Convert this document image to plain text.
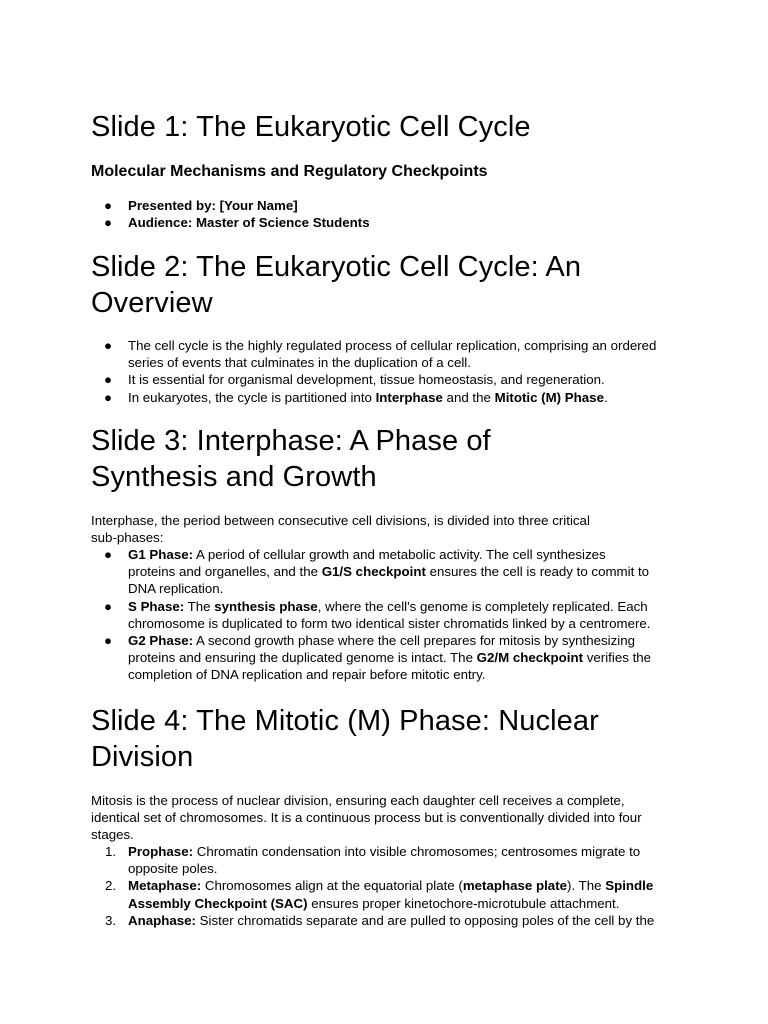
Slide 1: The Eukaryotic Cell Cycle
Molecular Mechanisms and Regulatory Checkpoints
● Presented by: [Your Name]
● Audience: Master of Science Students
Slide 2: The Eukaryotic Cell Cycle: An
Overview
● The cell cycle is the highly regulated process of cellular replication, comprising an ordered
series of events that culminates in the duplication of a cell.
● It is essential for organismal development, tissue homeostasis, and regeneration.
● In eukaryotes, the cycle is partitioned into Interphase and the Mitotic (M) Phase.
Slide 3: Interphase: A Phase of
Synthesis and Growth
Interphase, the period between consecutive cell divisions, is divided into three critical
sub-phases:
● G1 Phase: A period of cellular growth and metabolic activity. The cell synthesizes
proteins and organelles, and the G1/S checkpoint ensures the cell is ready to commit to
DNA replication.
● S Phase: The synthesis phase, where the cell's genome is completely replicated. Each
chromosome is duplicated to form two identical sister chromatids linked by a centromere.
● G2 Phase: A second growth phase where the cell prepares for mitosis by synthesizing
proteins and ensuring the duplicated genome is intact. The G2/M checkpoint verifies the
completion of DNA replication and repair before mitotic entry.
Slide 4: The Mitotic (M) Phase: Nuclear
Division
Mitosis is the process of nuclear division, ensuring each daughter cell receives a complete,
identical set of chromosomes. It is a continuous process but is conventionally divided into four
stages.
1. Prophase: Chromatin condensation into visible chromosomes; centrosomes migrate to
opposite poles.
2. Metaphase: Chromosomes align at the equatorial plate (metaphase plate). The Spindle
Assembly Checkpoint (SAC) ensures proper kinetochore-microtubule attachment.
3. Anaphase: Sister chromatids separate and are pulled to opposing poles of the cell by the
